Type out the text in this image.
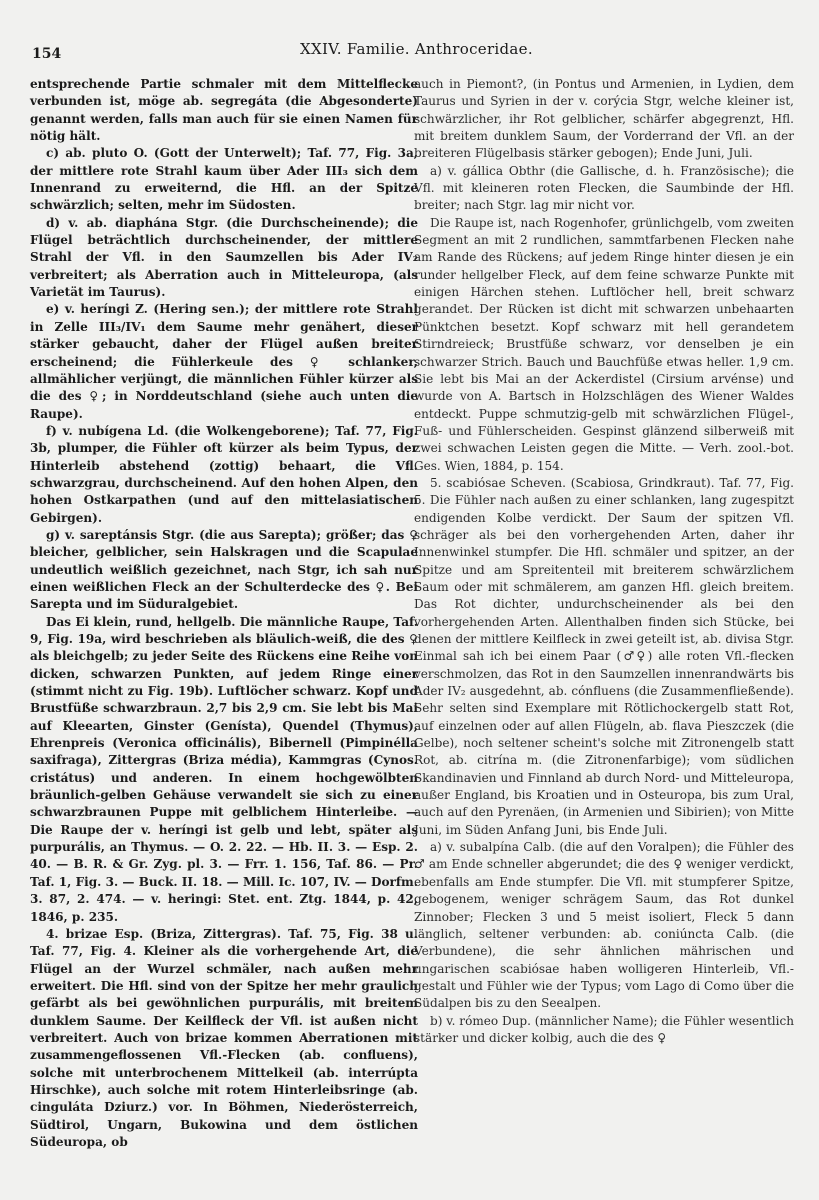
154	XXIV. Familie. Anthroceridae.

entsprechende Partie schmaler mit dem Mittelflecke verbunden ist, möge ab. segregáta (die Abgesonderte) genannt werden, falls man auch für sie einen Namen für nötig hält.

c) ab. pluto O. (Gott der Unterwelt); Taf. 77, Fig. 3a, der mittlere rote Strahl kaum über Ader III₃ sich dem Innenrand zu erweiternd, die Hfl. an der Spitze schwärzlich; selten, mehr im Südosten.

d) v. ab. diaphána Stgr. (die Durchscheinende); die Flügel beträchtlich durchscheinender, der mittlere Strahl der Vfl. in den Saumzellen bis Ader IV₂ verbreitert; als Aberration auch in Mitteleuropa, (als Varietät im Taurus).

e) v. heríngi Z. (Hering sen.); der mittlere rote Strahl in Zelle III₃/IV₁ dem Saume mehr genähert, dieser stärker gebaucht, daher der Flügel außen breiter erscheinend; die Fühlerkeule des ♀ schlanker, allmählicher verjüngt, die männlichen Fühler kürzer als die des ♀; in Norddeutschland (siehe auch unten die Raupe).

f) v. nubígena Ld. (die Wolkengeborene); Taf. 77, Fig. 3b, plumper, die Fühler oft kürzer als beim Typus, der Hinterleib abstehend (zottig) behaart, die Vfl. schwarzgrau, durchscheinend. Auf den hohen Alpen, den hohen Ostkarpathen (und auf den mittelasiatischen Gebirgen).

g) v. sareptánsis Stgr. (die aus Sarepta); größer; das ♀ bleicher, gelblicher, sein Halskragen und die Scapulae undeutlich weißlich gezeichnet, nach Stgr, ich sah nur einen weißlichen Fleck an der Schulterdecke des ♀. Bei Sarepta und im Süduralgebiet.

Das Ei klein, rund, hellgelb. Die männliche Raupe, Taf. 9, Fig. 19a, wird beschrieben als bläulich-weiß, die des ♀ als bleichgelb; zu jeder Seite des Rückens eine Reihe von dicken, schwarzen Punkten, auf jedem Ringe einer (stimmt nicht zu Fig. 19b). Luftlöcher schwarz. Kopf und Brustfüße schwarzbraun. 2,7 bis 2,9 cm. Sie lebt bis Mai auf Kleearten, Ginster (Genísta), Quendel (Thymus), Ehrenpreis (Veronica officinális), Bibernell (Pimpinélla saxifraga), Zittergras (Briza média), Kammgras (Cynos. cristátus) und anderen. In einem hochgewölbten bräunlich-gelben Gehäuse verwandelt sie sich zu einer schwarzbraunen Puppe mit gelblichem Hinterleibe. — Die Raupe der v. heríngi ist gelb und lebt, später als purpurális, an Thymus. — O. 2. 22. — Hb. II. 3. — Esp. 2. 40. — B. R. & Gr. Zyg. pl. 3. — Frr. 1. 156, Taf. 86. — Pr. Taf. 1, Fig. 3. — Buck. II. 18. — Mill. Ic. 107, IV. — Dorfm. 3. 87, 2. 474. — v. heringi: Stet. ent. Ztg. 1844, p. 42, 1846, p. 235.

4. brizae Esp. (Briza, Zittergras). Taf. 75, Fig. 38 u. Taf. 77, Fig. 4. Kleiner als die vorhergehende Art, die Flügel an der Wurzel schmäler, nach außen mehr erweitert. Die Hfl. sind von der Spitze her mehr graulich gefärbt als bei gewöhnlichen purpurális, mit breitem dunklem Saume. Der Keilfleck der Vfl. ist außen nicht verbreitert. Auch von brizae kommen Aberrationen mit zusammengeflossenen Vfl.-Flecken (ab. confluens), solche mit unterbrochenem Mittelkeil (ab. interrúpta Hirschke), auch solche mit rotem Hinterleibsringe (ab. cinguláta Dziurz.) vor. In Böhmen, Niederösterreich, Südtirol, Ungarn, Bukowina und dem östlichen Südeuropa, ob

auch in Piemont?, (in Pontus und Armenien, in Lydien, dem Taurus und Syrien in der v. corýcia Stgr, welche kleiner ist, schwärzlicher, ihr Rot gelblicher, schärfer abgegrenzt, Hfl. mit breitem dunklem Saum, der Vorderrand der Vfl. an der breiteren Flügelbasis stärker gebogen); Ende Juni, Juli.

a) v. gállica Obthr (die Gallische, d. h. Französische); die Vfl. mit kleineren roten Flecken, die Saumbinde der Hfl. breiter; nach Stgr. lag mir nicht vor.

Die Raupe ist, nach Rogenhofer, grünlichgelb, vom zweiten Segment an mit 2 rundlichen, sammtfarbenen Flecken nahe am Rande des Rückens; auf jedem Ringe hinter diesen je ein runder hellgelber Fleck, auf dem feine schwarze Punkte mit einigen Härchen stehen. Luftlöcher hell, breit schwarz gerandet. Der Rücken ist dicht mit schwarzen unbehaarten Pünktchen besetzt. Kopf schwarz mit hell gerandetem Stirndreieck; Brustfüße schwarz, vor denselben je ein schwarzer Strich. Bauch und Bauchfüße etwas heller. 1,9 cm. Sie lebt bis Mai an der Ackerdistel (Cirsium arvénse) und wurde von A. Bartsch in Holzschlägen des Wiener Waldes entdeckt. Puppe schmutzig-gelb mit schwärzlichen Flügel-, Fuß- und Fühlerscheiden. Gespinst glänzend silberweiß mit zwei schwachen Leisten gegen die Mitte. — Verh. zool.-bot. Ges. Wien, 1884, p. 154.

5. scabiósae Scheven. (Scabiosa, Grindkraut). Taf. 77, Fig. 5. Die Fühler nach außen zu einer schlanken, lang zugespitzt endigenden Kolbe verdickt. Der Saum der spitzen Vfl. schräger als bei den vorhergehenden Arten, daher ihr Innenwinkel stumpfer. Die Hfl. schmäler und spitzer, an der Spitze und am Spreitenteil mit breiterem schwärzlichem Saum oder mit schmälerem, am ganzen Hfl. gleich breitem. Das Rot dichter, undurchscheinender als bei den vorhergehenden Arten. Allenthalben finden sich Stücke, bei denen der mittlere Keilfleck in zwei geteilt ist, ab. divisa Stgr. Einmal sah ich bei einem Paar (♂♀) alle roten Vfl.-flecken verschmolzen, das Rot in den Saumzellen innenrandwärts bis Ader IV₂ ausgedehnt, ab. cónfluens (die Zusammenfließende). Sehr selten sind Exemplare mit Rötlichockergelb statt Rot, auf einzelnen oder auf allen Flügeln, ab. flava Pieszczek (die Gelbe), noch seltener scheint's solche mit Zitronengelb statt Rot, ab. citrína m. (die Zitronenfarbige); vom südlichen Skandinavien und Finnland ab durch Nord- und Mitteleuropa, außer England, bis Kroatien und in Osteuropa, bis zum Ural, auch auf den Pyrenäen, (in Armenien und Sibirien); von Mitte Juni, im Süden Anfang Juni, bis Ende Juli.

a) v. subalpína Calb. (die auf den Voralpen); die Fühler des ♂ am Ende schneller abgerundet; die des ♀ weniger verdickt, ebenfalls am Ende stumpfer. Die Vfl. mit stumpferer Spitze, gebogenem, weniger schrägem Saum, das Rot dunkel Zinnober; Flecken 3 und 5 meist isoliert, Fleck 5 dann länglich, seltener verbunden: ab. coniúncta Calb. (die Verbundene), die sehr ähnlichen mährischen und ungarischen scabiósae haben wolligeren Hinterleib, Vfl.-gestalt und Fühler wie der Typus; vom Lago di Como über die Südalpen bis zu den Seealpen.

b) v. rómeo Dup. (männlicher Name); die Fühler wesentlich stärker und dicker kolbig, auch die des ♀
